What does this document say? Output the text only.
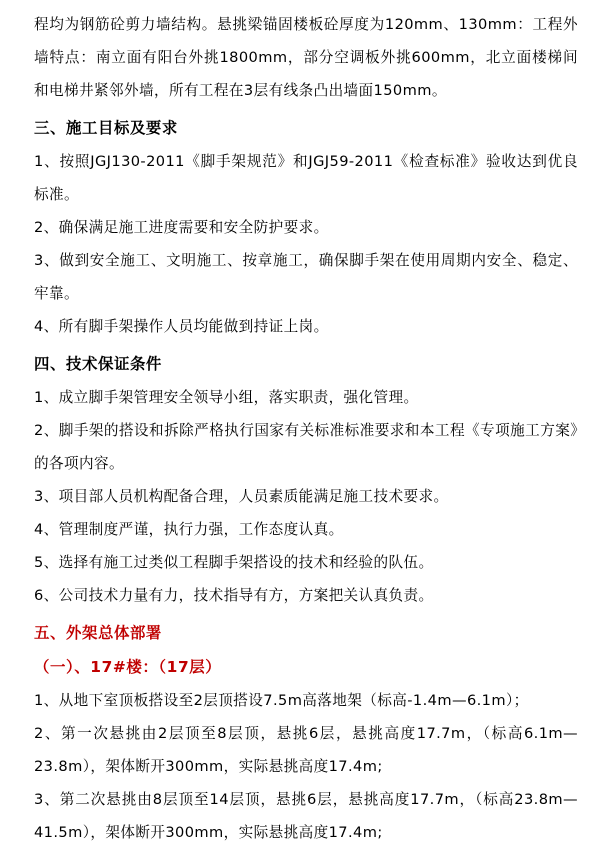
程均为钢筋砼剪力墙结构。悬挑梁锚固楼板砼厚度为120mm、130mm：工程外墙特点：南立面有阳台外挑1800mm，部分空调板外挑600mm，北立面楼梯间和电梯井紧邻外墙，所有工程在3层有线条凸出墙面150mm。

三、施工目标及要求

1、按照JGJ130-2011《脚手架规范》和JGJ59-2011《检查标准》验收达到优良标准。

2、确保满足施工进度需要和安全防护要求。

3、做到安全施工、文明施工、按章施工，确保脚手架在使用周期内安全、稳定、牢靠。

4、所有脚手架操作人员均能做到持证上岗。

四、技术保证条件

1、成立脚手架管理安全领导小组，落实职责，强化管理。

2、脚手架的搭设和拆除严格执行国家有关标准标准要求和本工程《专项施工方案》的各项内容。

3、项目部人员机构配备合理，人员素质能满足施工技术要求。

4、管理制度严谨，执行力强，工作态度认真。

5、选择有施工过类似工程脚手架搭设的技术和经验的队伍。

6、公司技术力量有力，技术指导有方，方案把关认真负责。

五、外架总体部署

（一）、17#楼：（17层）

1、从地下室顶板搭设至2层顶搭设7.5m高落地架（标高-1.4m—6.1m）；

2、第一次悬挑由2层顶至8层顶，悬挑6层，悬挑高度17.7m，（标高6.1m—23.8m），架体断开300mm，实际悬挑高度17.4m;

3、第二次悬挑由8层顶至14层顶，悬挑6层，悬挑高度17.7m，（标高23.8m—41.5m），架体断开300mm，实际悬挑高度17.4m;
